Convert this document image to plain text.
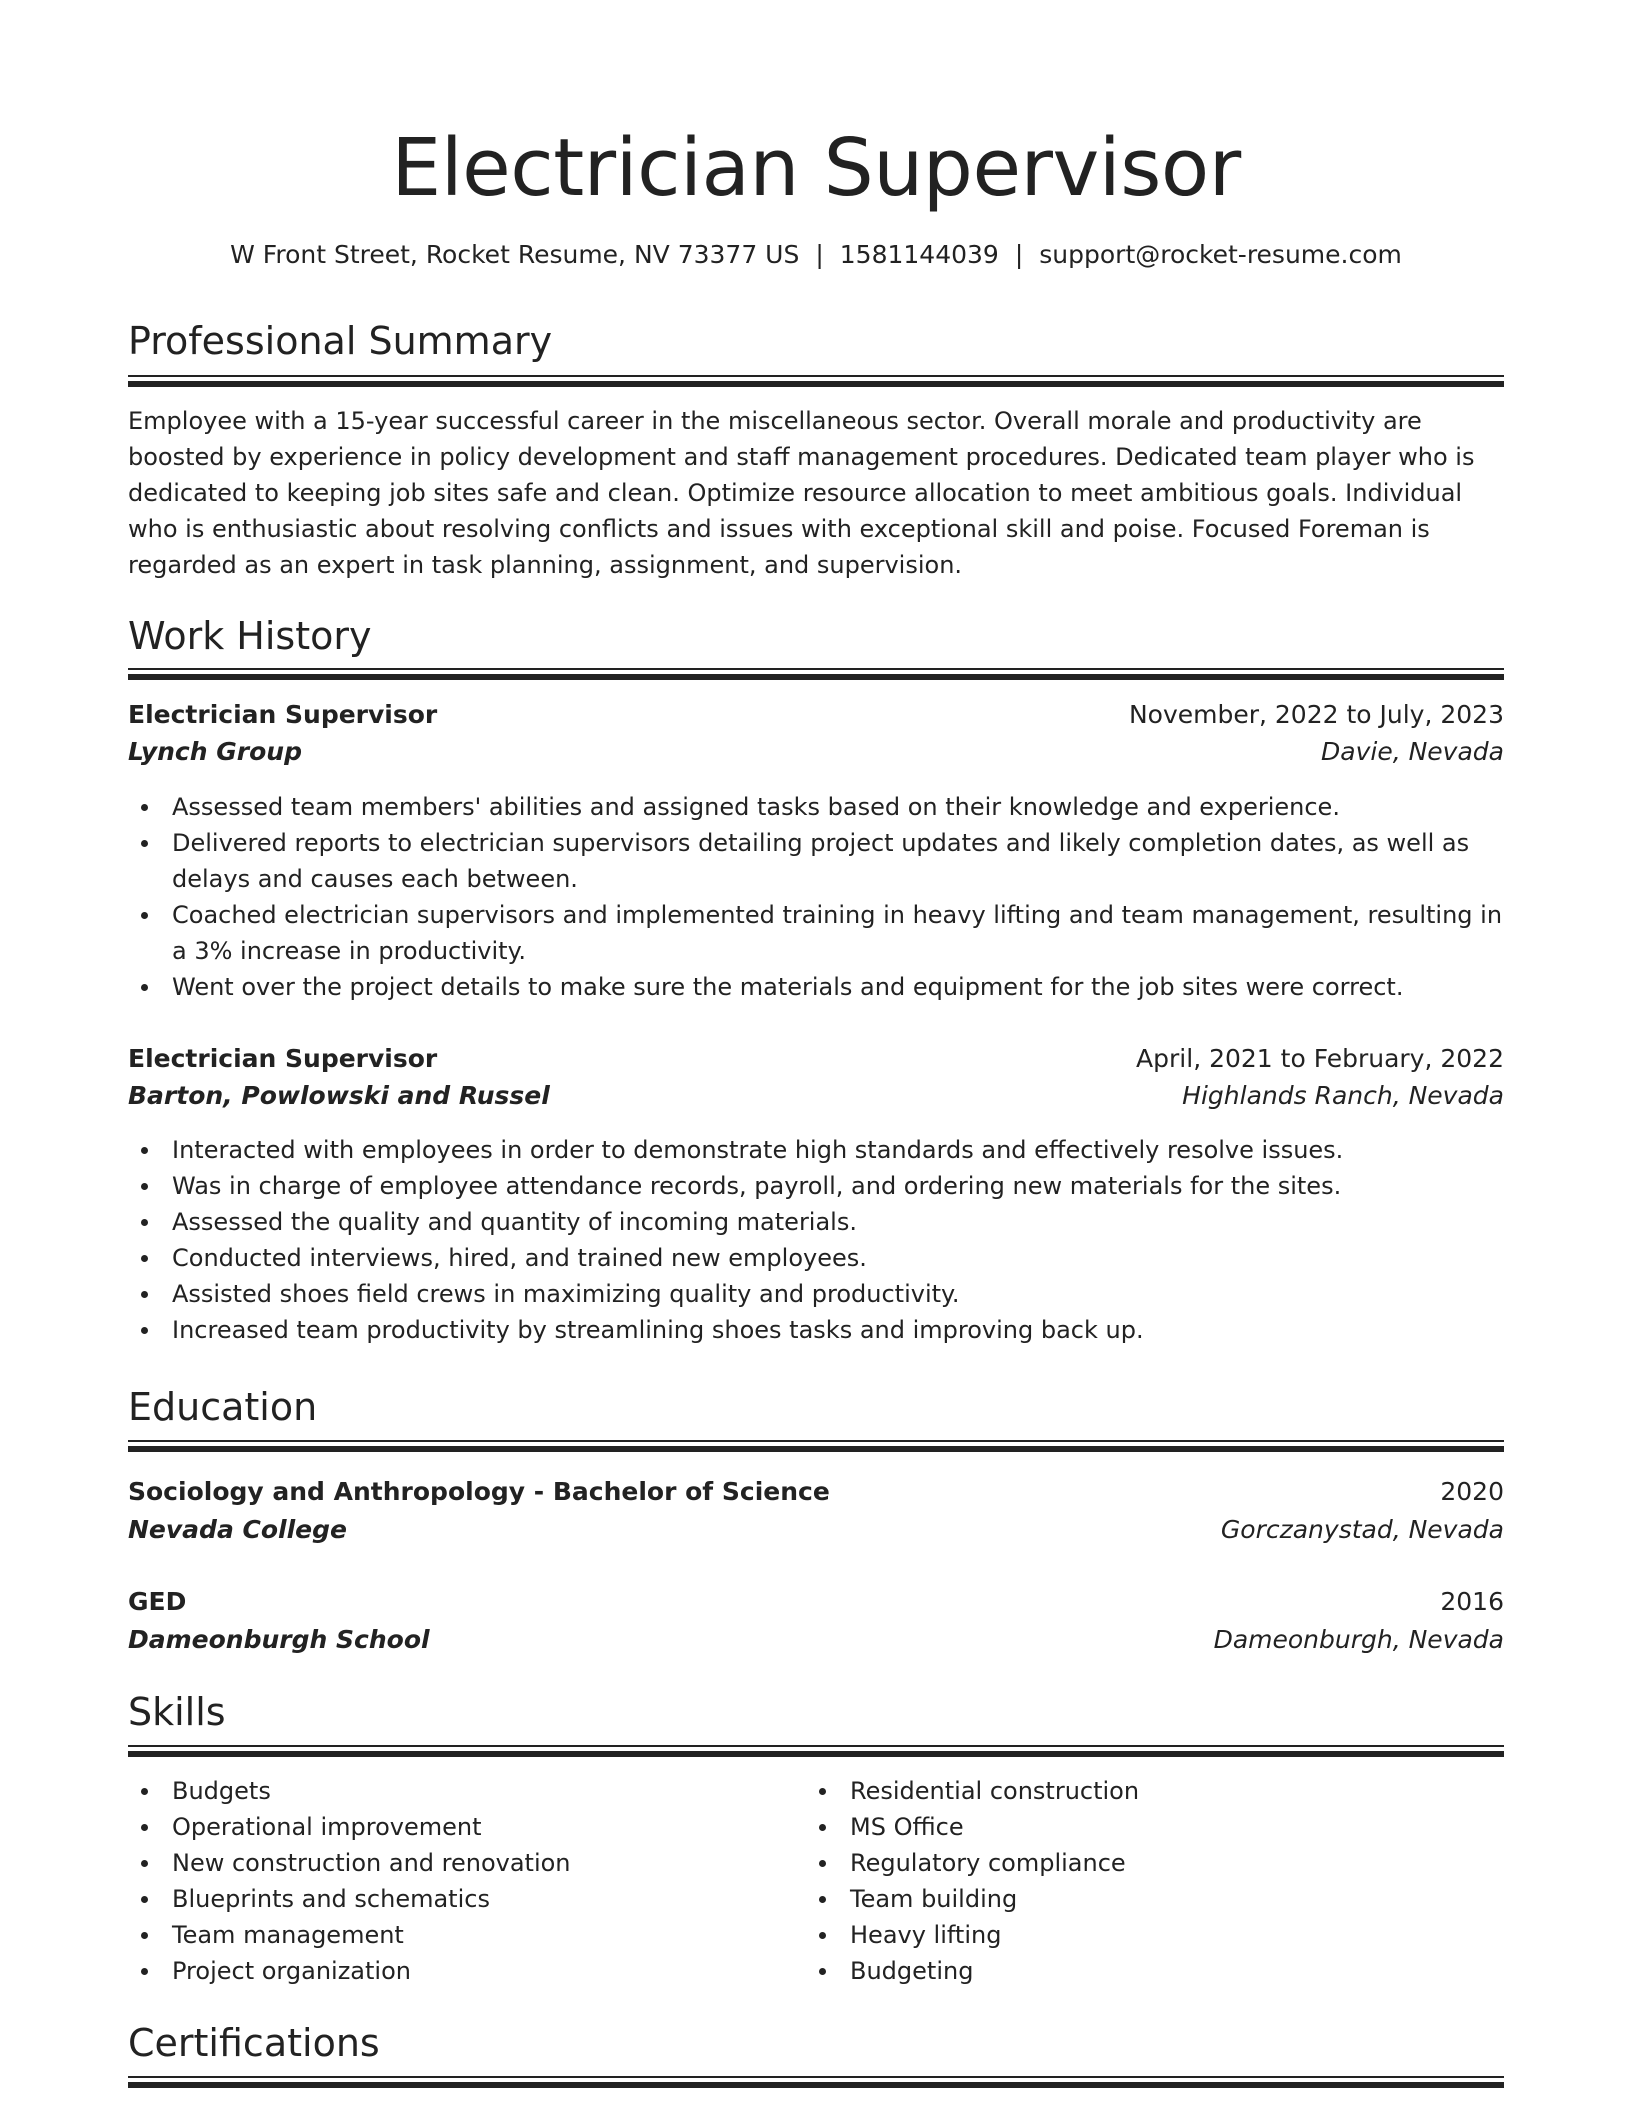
Electrician Supervisor
W Front Street, Rocket Resume, NV 73377 US | 1581144039 | support@rocket-resume.com
Professional Summary
Employee with a 15-year successful career in the miscellaneous sector. Overall morale and productivity are boosted by experience in policy development and staff management procedures. Dedicated team player who is dedicated to keeping job sites safe and clean. Optimize resource allocation to meet ambitious goals. Individual who is enthusiastic about resolving conflicts and issues with exceptional skill and poise. Focused Foreman is regarded as an expert in task planning, assignment, and supervision.
Work History
Electrician Supervisor	November, 2022 to July, 2023
Lynch Group	Davie, Nevada
Assessed team members' abilities and assigned tasks based on their knowledge and experience.
Delivered reports to electrician supervisors detailing project updates and likely completion dates, as well as delays and causes each between.
Coached electrician supervisors and implemented training in heavy lifting and team management, resulting in a 3% increase in productivity.
Went over the project details to make sure the materials and equipment for the job sites were correct.
Electrician Supervisor	April, 2021 to February, 2022
Barton, Powlowski and Russel	Highlands Ranch, Nevada
Interacted with employees in order to demonstrate high standards and effectively resolve issues.
Was in charge of employee attendance records, payroll, and ordering new materials for the sites.
Assessed the quality and quantity of incoming materials.
Conducted interviews, hired, and trained new employees.
Assisted shoes field crews in maximizing quality and productivity.
Increased team productivity by streamlining shoes tasks and improving back up.
Education
Sociology and Anthropology - Bachelor of Science	2020
Nevada College	Gorczanystad, Nevada
GED	2016
Dameonburgh School	Dameonburgh, Nevada
Skills
Budgets
Operational improvement
New construction and renovation
Blueprints and schematics
Team management
Project organization
Residential construction
MS Office
Regulatory compliance
Team building
Heavy lifting
Budgeting
Certifications
